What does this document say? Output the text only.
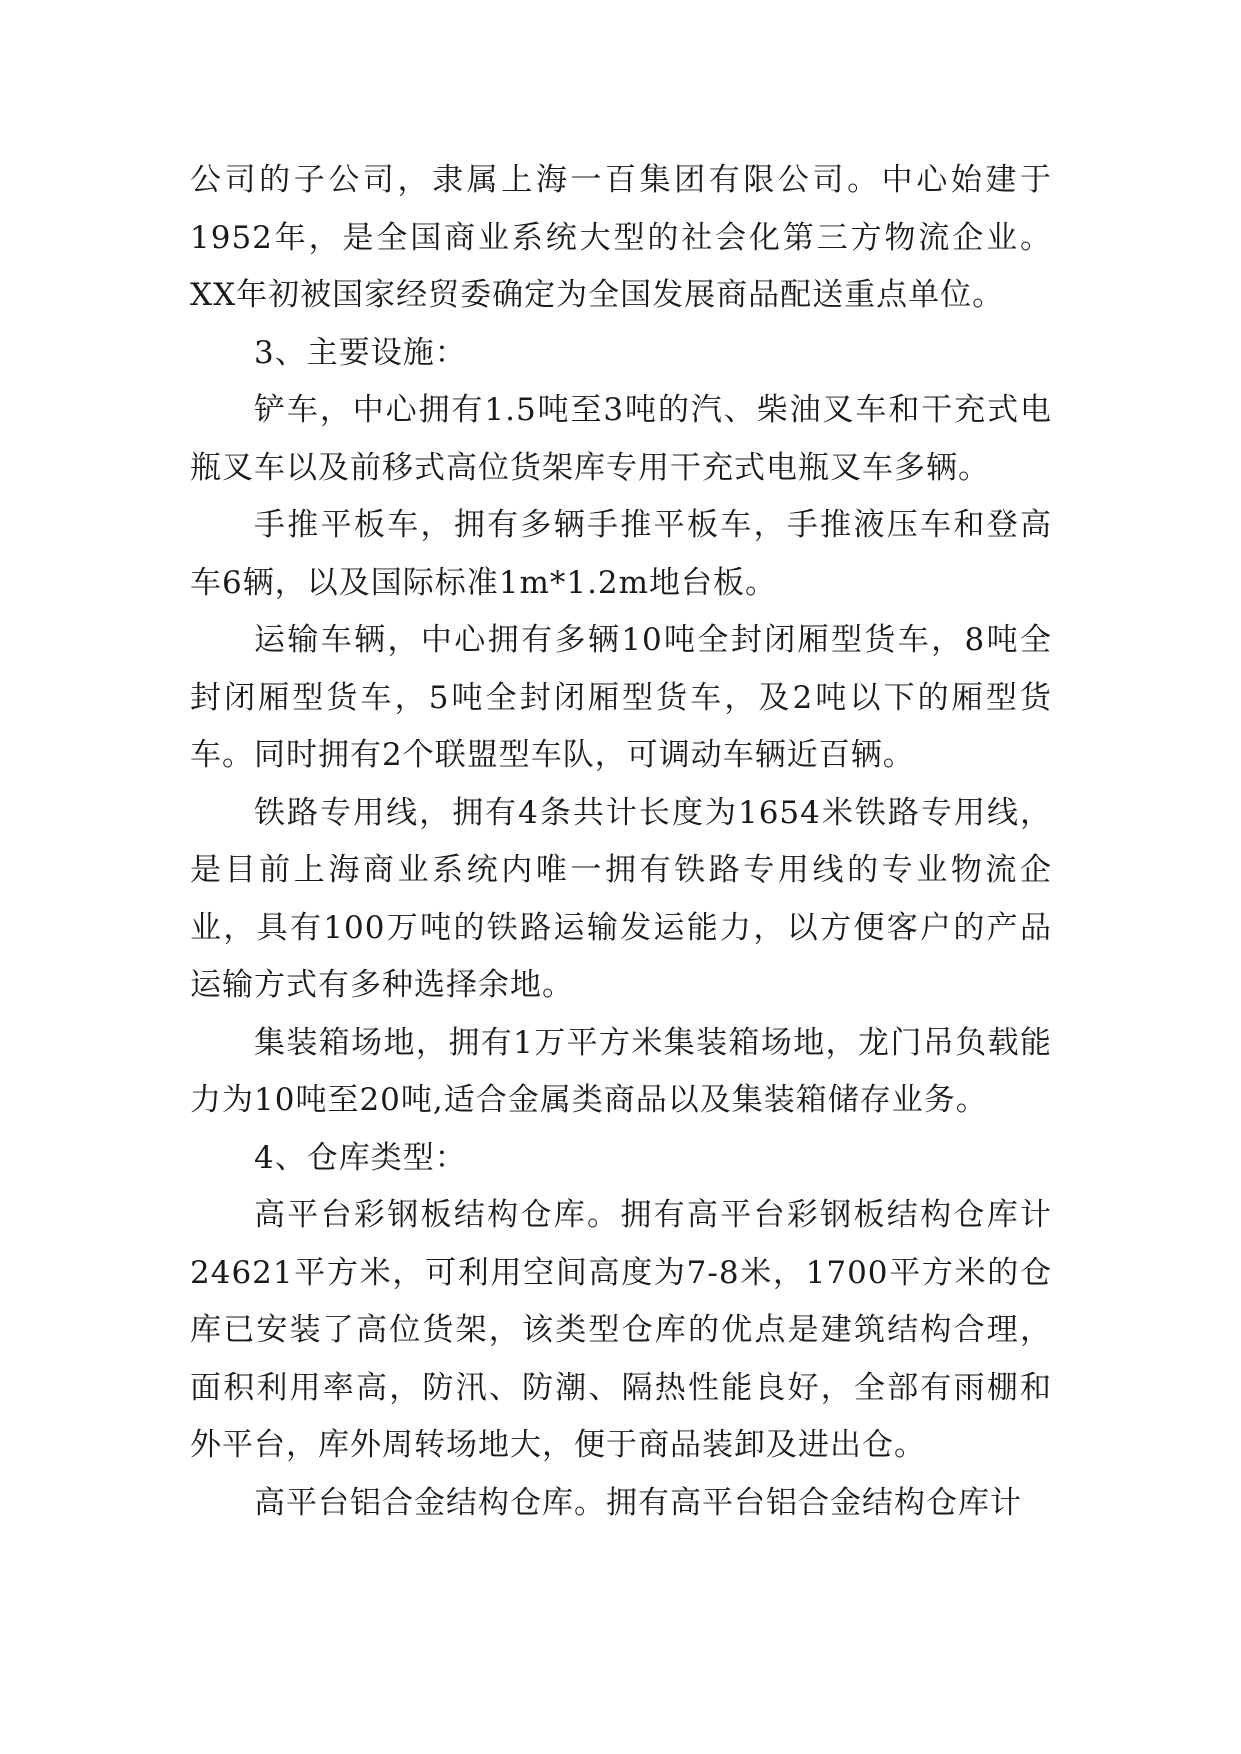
公司的子公司，隶属上海一百集团有限公司。中心始建于1952年，是全国商业系统大型的社会化第三方物流企业。XX年初被国家经贸委确定为全国发展商品配送重点单位。

3、主要设施：

铲车，中心拥有1.5吨至3吨的汽、柴油叉车和干充式电瓶叉车以及前移式高位货架库专用干充式电瓶叉车多辆。

手推平板车，拥有多辆手推平板车，手推液压车和登高车6辆，以及国际标准1m*1.2m地台板。

运输车辆，中心拥有多辆10吨全封闭厢型货车，8吨全封闭厢型货车，5吨全封闭厢型货车，及2吨以下的厢型货车。同时拥有2个联盟型车队，可调动车辆近百辆。

铁路专用线，拥有4条共计长度为1654米铁路专用线，是目前上海商业系统内唯一拥有铁路专用线的专业物流企业，具有100万吨的铁路运输发运能力，以方便客户的产品运输方式有多种选择余地。

集装箱场地，拥有1万平方米集装箱场地，龙门吊负载能力为10吨至20吨,适合金属类商品以及集装箱储存业务。

4、仓库类型：

高平台彩钢板结构仓库。拥有高平台彩钢板结构仓库计24621平方米，可利用空间高度为7-8米，1700平方米的仓库已安装了高位货架，该类型仓库的优点是建筑结构合理，面积利用率高，防汛、防潮、隔热性能良好，全部有雨棚和外平台，库外周转场地大，便于商品装卸及进出仓。

高平台铝合金结构仓库。拥有高平台铝合金结构仓库计
